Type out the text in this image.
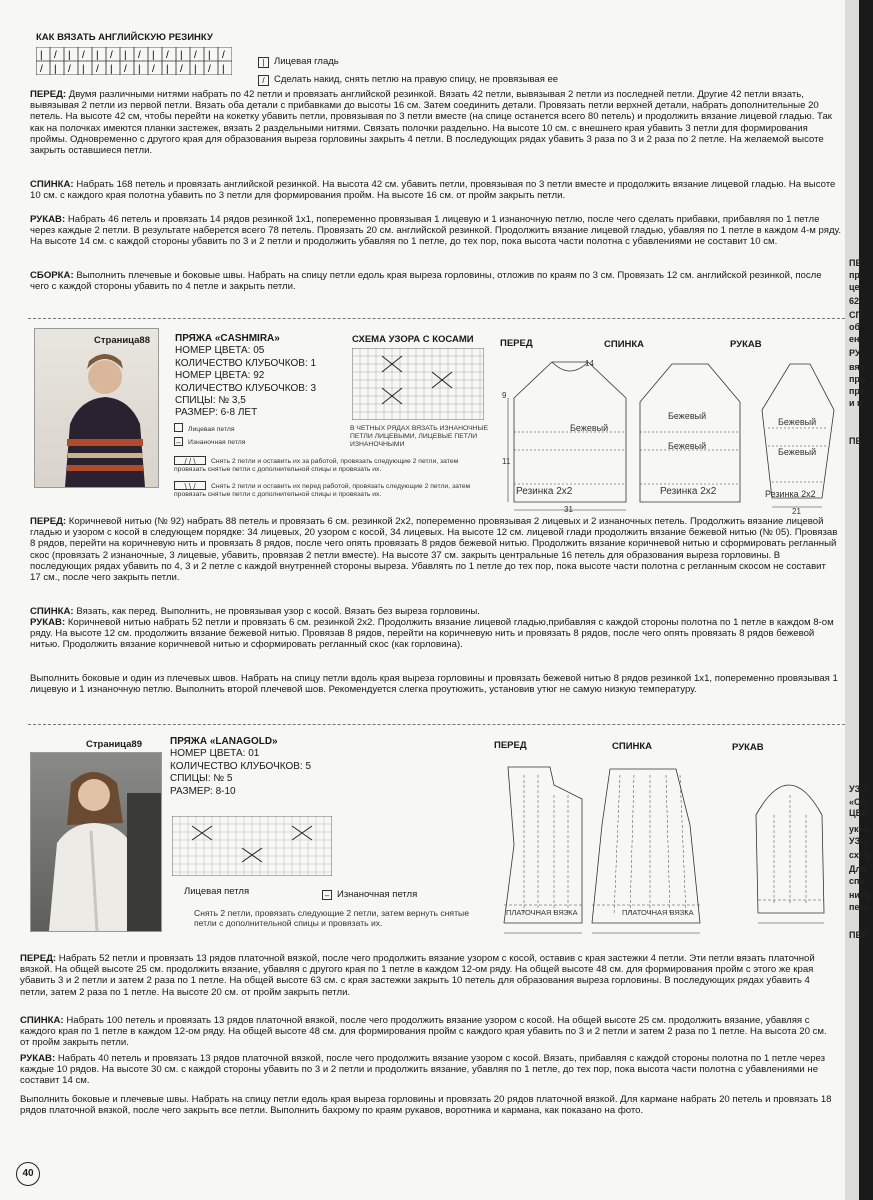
КАК ВЯЗАТЬ АНГЛИЙСКУЮ РЕЗИНКУ
| / | / | / | / | / | / | /
/ | / | / | / | / | / | / |
| Лицевая гладь
/ Сделать накид, снять петлю на правую спицу, не провязывая ее

ПЕРЕД: Двумя различными нитями набрать по 42 петли и провязать английской резинкой. Вязать 42 петли, вывязывая 2 петли из последней петли. Другие 42 петли вязать, вывязывая 2 петли из первой петли. Вязать оба детали с прибавками до высоты 16 см. Затем соединить детали. Провязать петли верхней детали, набрать дополнительные 20 петель. На высоте 42 см, чтобы перейти на кокетку убавить петли, провязывая по 3 петли вместе (на спице останется всего 80 петель) и продолжить вязание лицевой гладью. Так как на полочках имеются планки застежек, вязать 2 раздельными нитями. Связать полочки раздельно. На высоте 10 см. с внешнего края убавить 3 петли для формирования проймы. Одновременно с другого края для образования выреза горловины закрыть 4 петли. В последующих рядах убавить 3 раза по 3 и 2 раза по 2 петле. На желаемой высоте закрыть оставшиеся петли.

СПИНКА: Набрать 168 петель и провязать английской резинкой. На высота 42 см. убавить петли, провязывая по 3 петли вместе и продолжить вязание лицевой гладью. На высоте 10 см. с каждого края полотна убавить по 3 петли для формирования пройм. На высоте 16 см. от пройм закрыть петли.

РУКАВ: Набрать 46 петель и провязать 14 рядов резинкой 1х1, попеременно провязывая 1 лицевую и 1 изнаночную петлю, после чего сделать прибавки, прибавляя по 1 петле через каждые 2 петли. В результате наберется всего 78 петель. Провязать 20 см. английской резинкой. Продолжить вязание лицевой гладью, убавляя по 1 петле в каждом 4-м ряду. На высоте 14 см. с каждой стороны убавить по 3 и 2 петли и продолжить убавляя по 1 петле, до тех пор, пока высота части полотна с убавлениями не составит 10 см.

СБОРКА: Выполнить плечевые и боковые швы. Набрать на спицу петли едоль края выреза горловины, отложив по краям по 3 см. Провязать 12 см. английской резинкой, после чего с каждой стороны убавить по 4 петле и закрыть петли.

Страница88	ПРЯЖА «CASHMIRA»
НОМЕР ЦВЕТА: 05
КОЛИЧЕСТВО КЛУБОЧКОВ: 1
НОМЕР ЦВЕТА: 92
КОЛИЧЕСТВО КЛУБОЧКОВ: 3
СПИЦЫ: № 3,5
РАЗМЕР: 6-8 ЛЕТ
Лицевая петля
– Изнаночная петля
/ / \ Снять 2 петли и оставить их за работой, провязать следующие 2 петли, затем провязать снятые петли с дополнительной спицы и провязать их.
\ \ / Снять 2 петли и оставить их перед работой, провязать следующие 2 петли, затем провязать снятые петли с дополнительной спицы и провязать их.
СХЕМА УЗОРА С КОСАМИ
В ЧЕТНЫХ РЯДАХ ВЯЗАТЬ ИЗНАНОЧНЫЕ ПЕТЛИ ЛИЦЕВЫМИ, ЛИЦЕВЫЕ ПЕТЛИ ИЗНАНОЧНЫМИ
ПЕРЕД	СПИНКА	РУКАВ
14
Бежевый
Бежевый
Бежевый
Бежевый
Бежевый
Резинка 2х2	Резинка 2х2	Резинка 2х2
31	21
9
11

ПЕРЕД: Коричневой нитью (№ 92) набрать 88 петель и провязать 6 см. резинкой 2х2, попеременно провязывая 2 лицевых и 2 изнаночных петель. Продолжить вязание лицевой гладью и узором с косой в следующем порядке: 34 лицевых, 20 узором с косой, 34 лицевых. На высоте 12 см. лицевой глади продолжить вязание бежевой нитью (№ 05). Провязав 8 рядов, перейти на коричневую нить и провязать 8 рядов, после чего опять провязать 8 рядов бежевой нитью. Продолжить вязание коричневой нитью и сформировать регланный скос (провязать 2 изнаночные, 3 лицевые, убавить, провязав 2 петли вместе). На высоте 37 см. закрыть центральные 16 петель для образования выреза горловины. В последующих рядах убавить по 4, 3 и 2 петле с каждой внутренней стороны выреза. Убавлять по 1 петле до тех пор, пока высоте части полотна с регланным скосом не составит 17 см., после чего закрыть петли.

СПИНКА: Вязать, как перед. Выполнить, не провязывая узор с косой. Вязать без выреза горловины.

РУКАВ: Коричневой нитью набрать 52 петли и провязать 6 см. резинкой 2х2. Продолжить вязание лицевой гладью,прибавляя с каждой стороны полотна по 1 петле в каждом 8-ом ряду. На высоте 12 см. продолжить вязание бежевой нитью. Провязав 8 рядов, перейти на коричневую нить и провязать 8 рядов, после чего опять провязать 8 рядов бежевой нитью. Продолжить вязание коричневой нитью и сформировать регланный скос (как горловина).

Выполнить боковые и один из плечевых швов. Набрать на спицу петли вдоль края выреза горловины и провязать бежевой нитью 8 рядов резинкой 1х1, попеременно провязывая 1 лицевую и 1 изнаночную петлю. Выполнить второй плечевой шов. Рекомендуется слегка проутюжить, установив утюг не самую низкую температуру.

Страница89	ПРЯЖА «LANAGOLD»
НОМЕР ЦВЕТА: 01
КОЛИЧЕСТВО КЛУБОЧКОВ: 5
СПИЦЫ: № 5
РАЗМЕР: 8-10
Лицевая петля	– Изнаночная петля
Снять 2 петли, провязать следующие 2 петли, затем вернуть снятые петли с дополнительной спицы и провязать их.
ПЕРЕД	СПИНКА	РУКАВ
ПЛАТОЧНАЯ ВЯЗКА	ПЛАТОЧНАЯ ВЯЗКА

ПЕРЕД: Набрать 52 петли и провязать 13 рядов платочной вязкой, после чего продолжить вязание узором с косой, оставив с края застежки 4 петли. Эти петли вязать платочной вязкой. На общей высоте 25 см. продолжить вязание, убавляя с другого края по 1 петле в каждом 12-ом ряду. На общей высоте 48 см. для формирования пройм с этого же края убавить 3 и 2 петли и затем 2 раза по 1 петле. На общей высоте 63 см. с края застежки закрыть 10 петель для образования выреза горловины. В последующих рядах убавить 4 петли, затем 2 раза по 1 петле. На высоте 20 см. от пройм закрыть петли.

СПИНКА: Набрать 100 петель и провязать 13 рядов платочной вязкой, после чего продолжить вязание узором с косой. На общей высоте 25 см. продолжить вязание, убавляя с каждого края по 1 петле в каждом 12-ом ряду. На общей высоте 48 см. для формирования пройм с каждого края убавить по 3 и 2 петли и затем 2 раза по 1 петле. На высота 20 см. от пройм закрыть петли.

РУКАВ: Набрать 40 петель и провязать 13 рядов платочной вязкой, после чего продолжить вязание узором с косой. Вязать, прибавляя с каждой стороны полотна по 1 петле через каждые 10 рядов. На высоте 30 см. с каждой стороны убавить по 3 и 2 петли и продолжить вязание, убавляя по 1 петле, до тех пор, пока высота части полотна с убавлениями не составит 14 см.

Выполнить боковые и плечевые швы. Набрать на спицу петли едоль края выреза горловины и провязать 20 рядов платочной вязкой. Для кармане набрать 20 петель и провязать 18 рядов платочной вязкой, после чего закрыть все петли. Выполнить бахрому по краям рукавов, воротника и кармана, как показано на фото.

40
ПЕ
пр
це
62
СП
об
ен
РУ
вяз
про
при
и п
ПЕ
УЗО
«СЕ
ЦВЕ
указ
УЗО
схем
Для
спи
нить
петл
ПЕР
